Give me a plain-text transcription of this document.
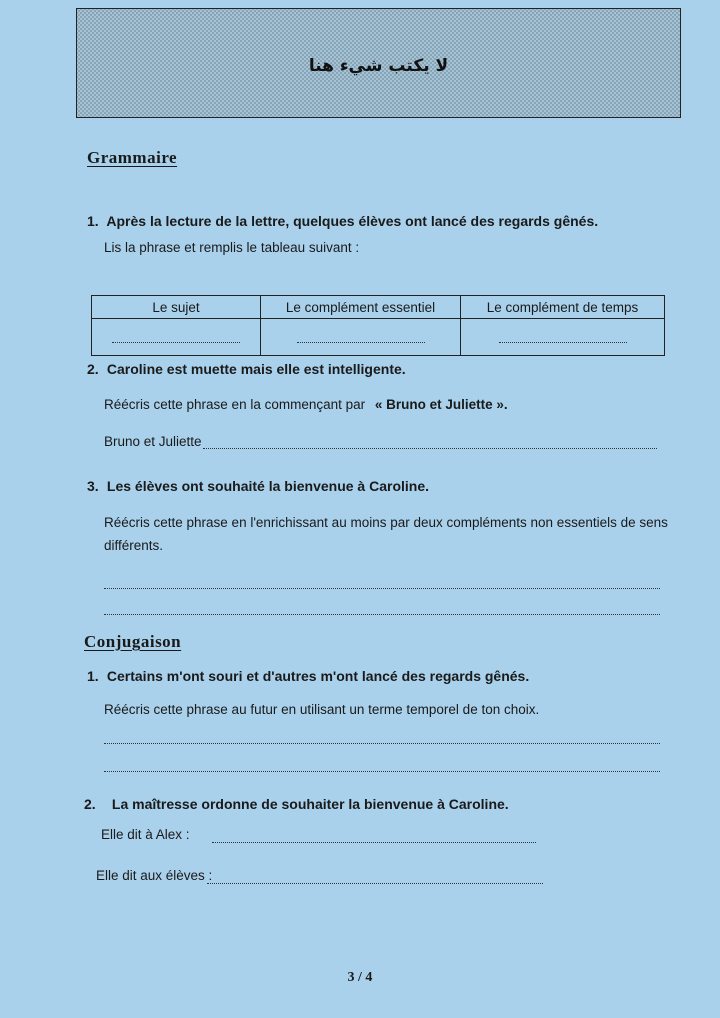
لا يكتب شيء هنا
Grammaire
1. Après la lecture de la lettre, quelques élèves ont lancé des regards gênés.
Lis la phrase et remplis le tableau suivant :
Le sujet	Le complément essentiel	Le complément de temps

2. Caroline est muette mais elle est intelligente.
Réécris cette phrase en la commençant par « Bruno et Juliette ».
Bruno et Juliette
3. Les élèves ont souhaité la bienvenue à Caroline.
Réécris cette phrase en l'enrichissant au moins par deux compléments non essentiels de sens
différents.
Conjugaison
1. Certains m'ont souri et d'autres m'ont lancé des regards gênés.
Réécris cette phrase au futur en utilisant un terme temporel de ton choix.
2. La maîtresse ordonne de souhaiter la bienvenue à Caroline.
Elle dit à Alex :
Elle dit aux élèves :
3 / 4
